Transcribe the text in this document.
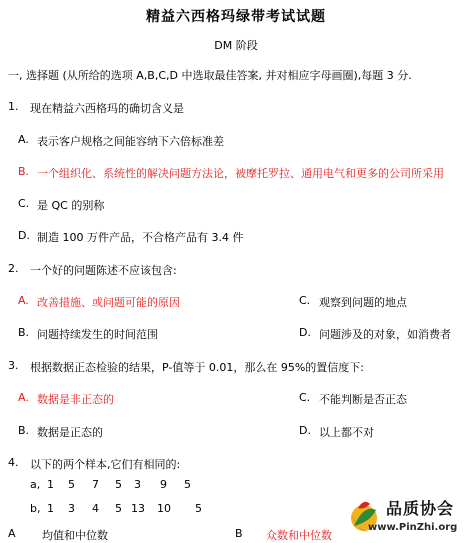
精益六西格玛绿带考试试题
DM 阶段
一, 选择题 (从所给的选项 A,B,C,D 中选取最佳答案, 并对相应字母画圈),每题 3 分.
1. 现在精益六西格玛的确切含义是
A. 表示客户规格之间能容纳下六倍标准差
B. 一个组织化、系统性的解决问题方法论，被摩托罗拉、通用电气和更多的公司所采用
C. 是 QC 的别称
D. 制造 100 万件产品，不合格产品有 3.4 件
2. 一个好的问题陈述不应该包含:
A. 改善措施、或问题可能的原因	C. 观察到问题的地点
B. 问题持续发生的时间范围	D. 问题涉及的对象，如消费者
3. 根据数据正态检验的结果，P-值等于 0.01，那么在 95%的置信度下:
A. 数据是非正态的	C. 不能判断是否正态
B. 数据是正态的	D. 以上都不对
4. 以下的两个样本,它们有相同的:
a, 1 5 7 5 3 9 5
b, 1 3 4 5 13 10 5
A 均值和中位数	B 众数和中位数
品质协会
www.PinZhi.org
